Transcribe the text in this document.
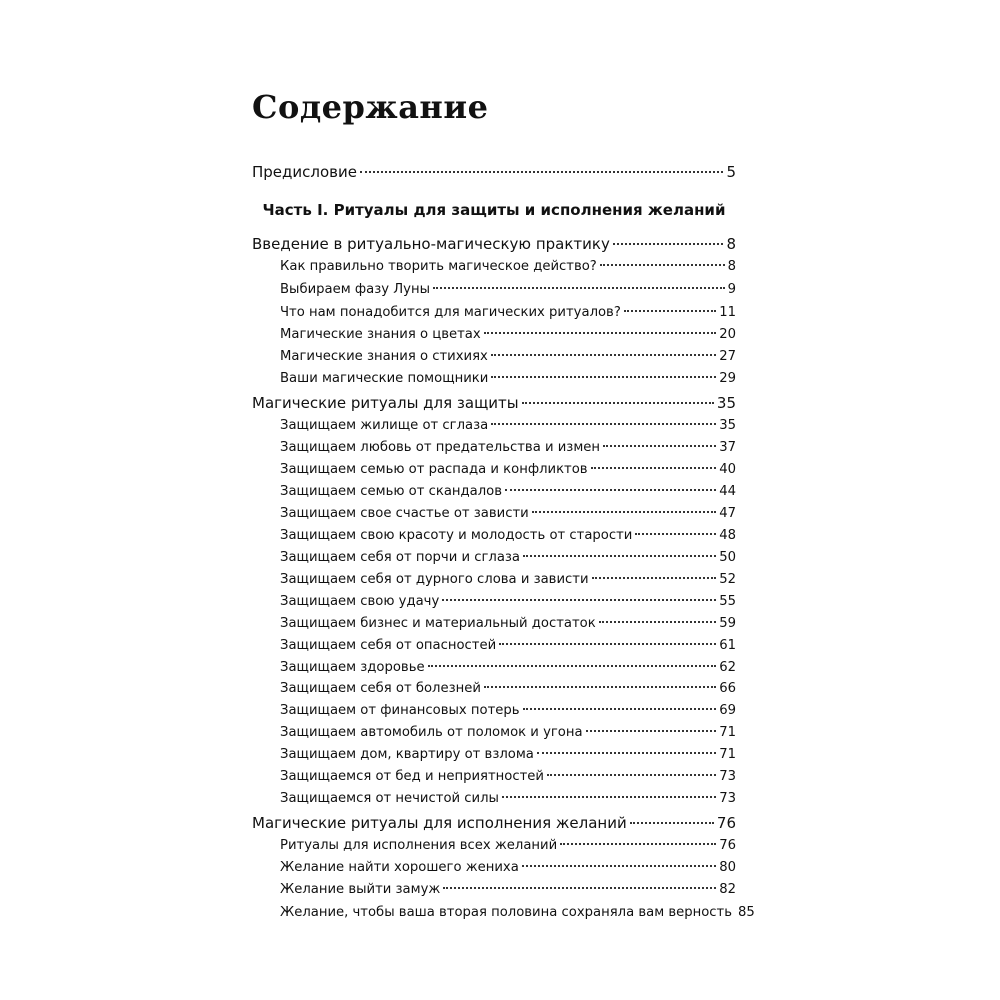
Содержание
Часть I. Ритуалы для защиты и исполнения желаний
Предисловие	5
Введение в ритуально-магическую практику	8
Как правильно творить магическое действо?	8
Выбираем фазу Луны	9
Что нам понадобится для магических ритуалов?	11
Магические знания о цветах	20
Магические знания о стихиях	27
Ваши магические помощники	29
Магические ритуалы для защиты	35
Защищаем жилище от сглаза	35
Защищаем любовь от предательства и измен	37
Защищаем семью от распада и конфликтов	40
Защищаем семью от скандалов	44
Защищаем свое счастье от зависти	47
Защищаем свою красоту и молодость от старости	48
Защищаем себя от порчи и сглаза	50
Защищаем себя от дурного слова и зависти	52
Защищаем свою удачу	55
Защищаем бизнес и материальный достаток	59
Защищаем себя от опасностей	61
Защищаем здоровье	62
Защищаем себя от болезней	66
Защищаем от финансовых потерь	69
Защищаем автомобиль от поломок и угона	71
Защищаем дом, квартиру от взлома	71
Защищаемся от бед и неприятностей	73
Защищаемся от нечистой силы	73
Магические ритуалы для исполнения желаний	76
Ритуалы для исполнения всех желаний	76
Желание найти хорошего жениха	80
Желание выйти замуж	82
Желание, чтобы ваша вторая половина сохраняла вам верность 85
